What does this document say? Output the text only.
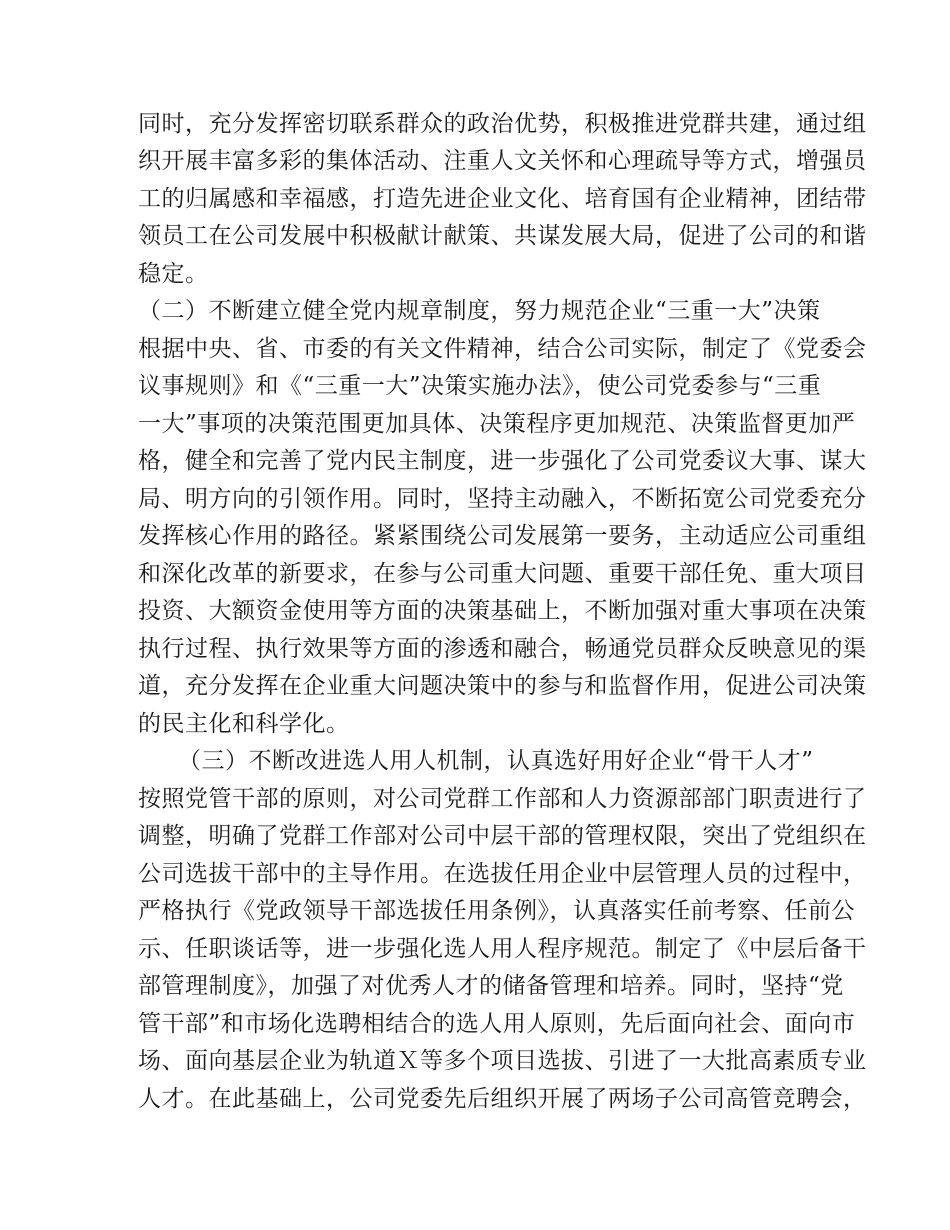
同时，充分发挥密切联系群众的政治优势，积极推进党群共建，通过组
织开展丰富多彩的集体活动、注重人文关怀和心理疏导等方式，增强员
工的归属感和幸福感，打造先进企业文化、培育国有企业精神，团结带
领员工在公司发展中积极献计献策、共谋发展大局，促进了公司的和谐
稳定。
（二）不断建立健全党内规章制度，努力规范企业“三重一大”决策
根据中央、省、市委的有关文件精神，结合公司实际，制定了《党委会
议事规则》和《“三重一大”决策实施办法》，使公司党委参与“三重
一大”事项的决策范围更加具体、决策程序更加规范、决策监督更加严
格，健全和完善了党内民主制度，进一步强化了公司党委议大事、谋大
局、明方向的引领作用。同时，坚持主动融入，不断拓宽公司党委充分
发挥核心作用的路径。紧紧围绕公司发展第一要务，主动适应公司重组
和深化改革的新要求，在参与公司重大问题、重要干部任免、重大项目
投资、大额资金使用等方面的决策基础上，不断加强对重大事项在决策
执行过程、执行效果等方面的渗透和融合，畅通党员群众反映意见的渠
道，充分发挥在企业重大问题决策中的参与和监督作用，促进公司决策
的民主化和科学化。
（三）不断改进选人用人机制，认真选好用好企业“骨干人才”
按照党管干部的原则，对公司党群工作部和人力资源部部门职责进行了
调整，明确了党群工作部对公司中层干部的管理权限，突出了党组织在
公司选拔干部中的主导作用。在选拔任用企业中层管理人员的过程中，
严格执行《党政领导干部选拔任用条例》，认真落实任前考察、任前公
示、任职谈话等，进一步强化选人用人程序规范。制定了《中层后备干
部管理制度》，加强了对优秀人才的储备管理和培养。同时，坚持“党
管干部”和市场化选聘相结合的选人用人原则，先后面向社会、面向市
场、面向基层企业为轨道Ｘ等多个项目选拔、引进了一大批高素质专业
人才。在此基础上，公司党委先后组织开展了两场子公司高管竞聘会，
